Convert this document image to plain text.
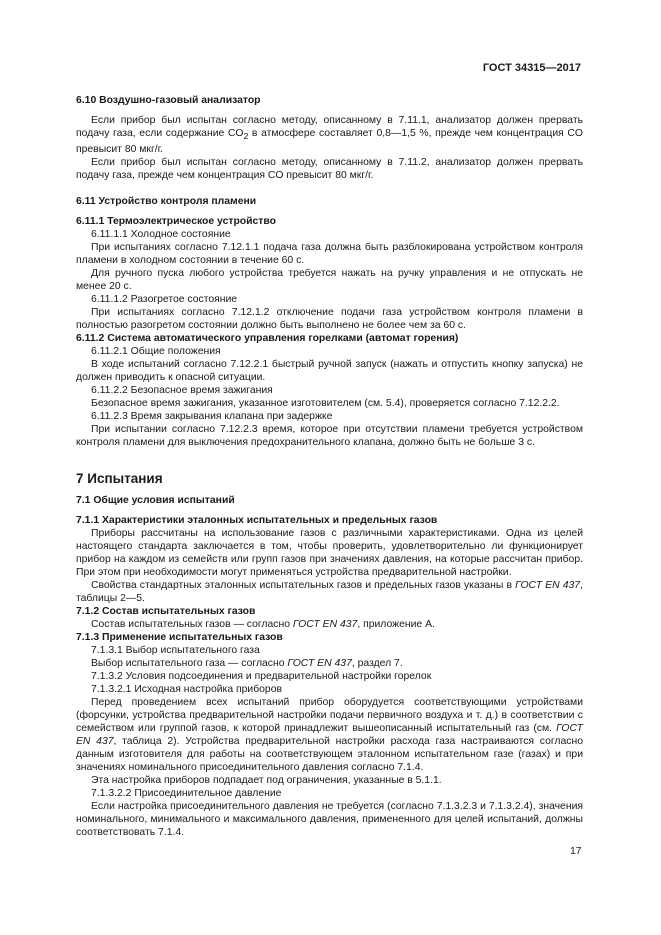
ГОСТ 34315—2017

6.10 Воздушно-газовый анализатор

Если прибор был испытан согласно методу, описанному в 7.11.1, анализатор должен прервать подачу газа, если содержание $CO_2$ в атмосфере составляет 0,8—1,5 %, прежде чем концентрация CO превысит 80 мкг/г.

Если прибор был испытан согласно методу, описанному в 7.11.2, анализатор должен прервать подачу газа, прежде чем концентрация CO превысит 80 мкг/г.

6.11 Устройство контроля пламени

6.11.1 Термоэлектрическое устройство

6.11.1.1 Холодное состояние

При испытаниях согласно 7.12.1.1 подача газа должна быть разблокирована устройством контроля пламени в холодном состоянии в течение 60 с.

Для ручного пуска любого устройства требуется нажать на ручку управления и не отпускать не менее 20 с.

6.11.1.2 Разогретое состояние

При испытаниях согласно 7.12.1.2 отключение подачи газа устройством контроля пламени в полностью разогретом состоянии должно быть выполнено не более чем за 60 с.

6.11.2 Система автоматического управления горелками (автомат горения)

6.11.2.1 Общие положения

В ходе испытаний согласно 7.12.2.1 быстрый ручной запуск (нажать и отпустить кнопку запуска) не должен приводить к опасной ситуации.

6.11.2.2 Безопасное время зажигания

Безопасное время зажигания, указанное изготовителем (см. 5.4), проверяется согласно 7.12.2.2.

6.11.2.3 Время закрывания клапана при задержке

При испытании согласно 7.12.2.3 время, которое при отсутствии пламени требуется устройством контроля пламени для выключения предохранительного клапана, должно быть не больше 3 с.

7 Испытания

7.1 Общие условия испытаний

7.1.1 Характеристики эталонных испытательных и предельных газов

Приборы рассчитаны на использование газов с различными характеристиками. Одна из целей настоящего стандарта заключается в том, чтобы проверить, удовлетворительно ли функционирует прибор на каждом из семейств или групп газов при значениях давления, на которые рассчитан прибор. При этом при необходимости могут применяться устройства предварительной настройки.

Свойства стандартных эталонных испытательных газов и предельных газов указаны в ГОСТ EN 437, таблицы 2—5.

7.1.2 Состав испытательных газов

Состав испытательных газов — согласно ГОСТ EN 437, приложение А.

7.1.3 Применение испытательных газов

7.1.3.1 Выбор испытательного газа

Выбор испытательного газа — согласно ГОСТ EN 437, раздел 7.

7.1.3.2 Условия подсоединения и предварительной настройки горелок

7.1.3.2.1 Исходная настройка приборов

Перед проведением всех испытаний прибор оборудуется соответствующими устройствами (форсунки, устройства предварительной настройки подачи первичного воздуха и т. д.) в соответствии с семейством или группой газов, к которой принадлежит вышеописанный испытательный газ (см. ГОСТ EN 437, таблица 2). Устройства предварительной настройки расхода газа настраиваются согласно данным изготовителя для работы на соответствующем эталонном испытательном газе (газах) и при значениях номинального присоединительного давления согласно 7.1.4.

Эта настройка приборов подпадает под ограничения, указанные в 5.1.1.

7.1.3.2.2 Присоединительное давление

Если настройка присоединительного давления не требуется (согласно 7.1.3.2.3 и 7.1.3.2.4), значения номинального, минимального и максимального давления, примененного для целей испытаний, должны соответствовать 7.1.4.

17
